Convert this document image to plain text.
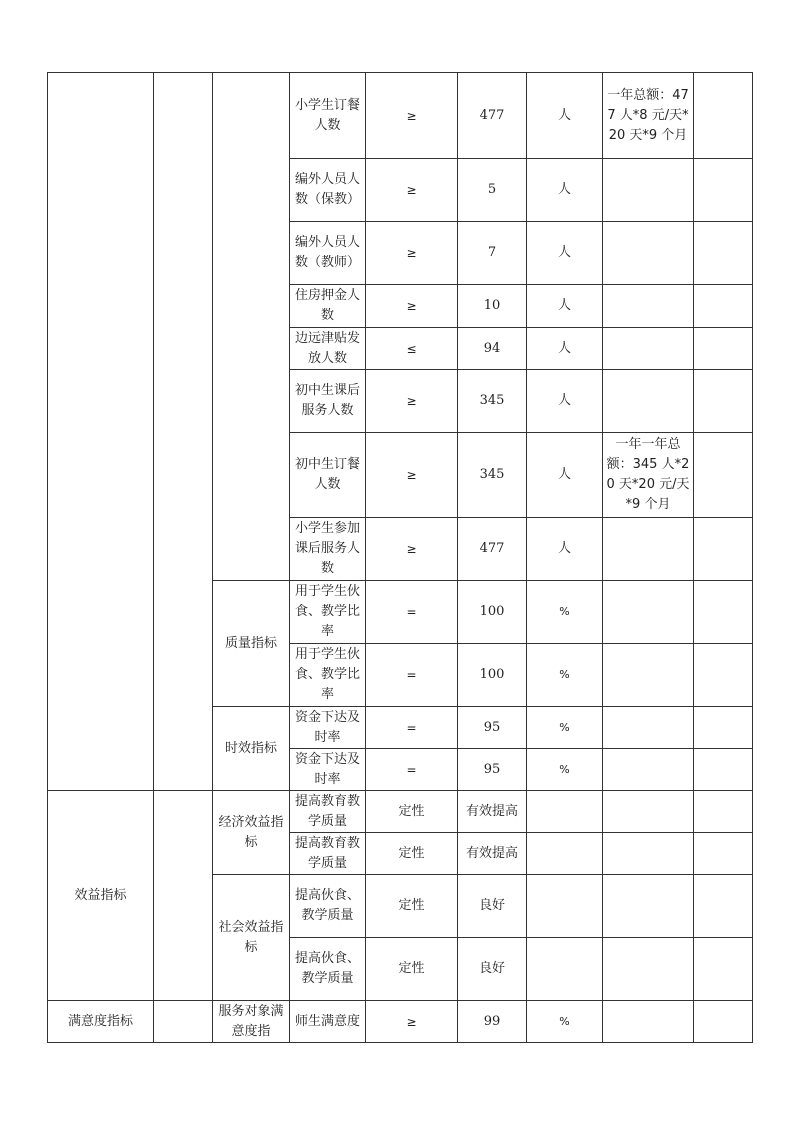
			小学生订餐人数	≥	477	人	一年总额：477 人*8 元/天*20 天*9 个月	
			编外人员人数（保教）	≥	5	人		
			编外人员人数（教师）	≥	7	人		
			住房押金人数	≥	10	人		
			边远津贴发放人数	≤	94	人		
			初中生课后服务人数	≥	345	人		
			初中生订餐人数	≥	345	人	一年一年总额：345 人*20 天*20 元/天*9 个月	
			小学生参加课后服务人数	≥	477	人		
		质量指标	用于学生伙食、教学比率	=	100	%		
			用于学生伙食、教学比率	=	100	%		
		时效指标	资金下达及时率	=	95	%		
			资金下达及时率	=	95	%		
效益指标		经济效益指标	提高教育教学质量	定性	有效提高			
			提高教育教学质量	定性	有效提高			
		社会效益指标	提高伙食、教学质量	定性	良好			
			提高伙食、教学质量	定性	良好			
满意度指标		服务对象满意度指	师生满意度	≥	99	%		
